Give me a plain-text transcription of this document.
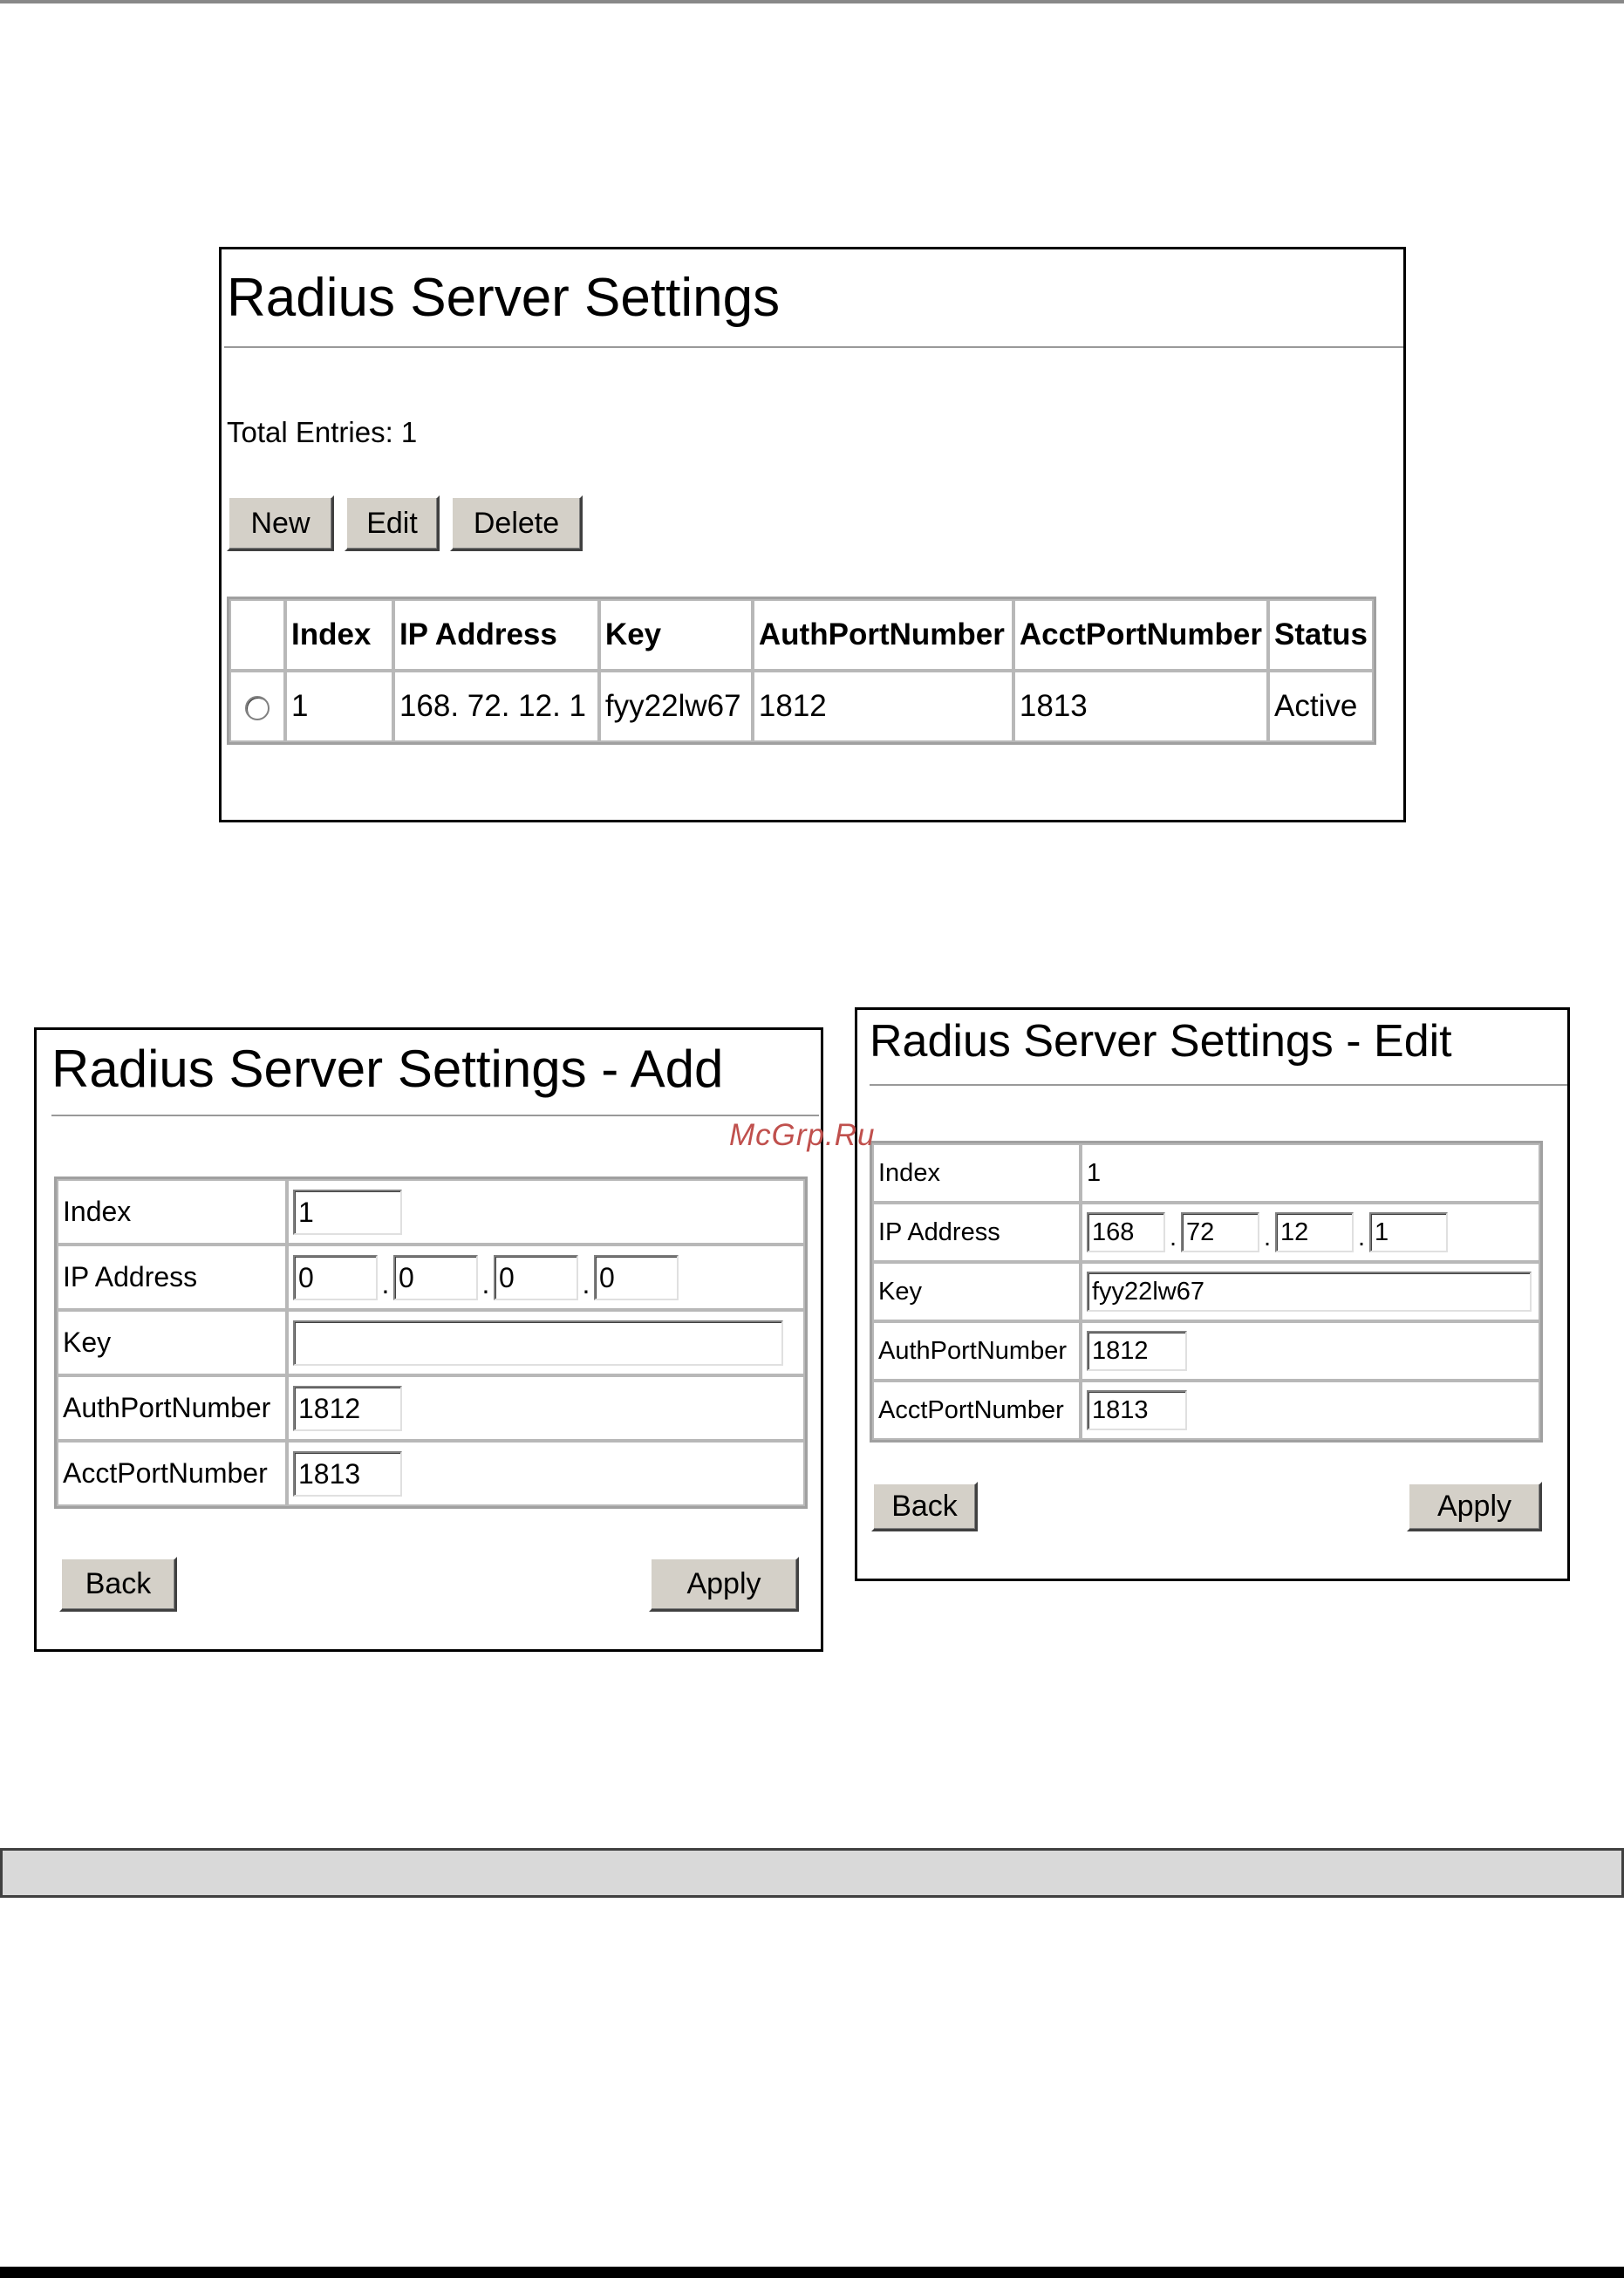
Radius Server Settings
Total Entries: 1
New	Edit	Delete
	Index	IP Address	Key	AuthPortNumber	AcctPortNumber	Status
	1	168. 72. 12. 1	fyy22lw67	1812	1813	Active
Radius Server Settings - Add
Index	1
IP Address	0 . 0 . 0 . 0
Key	
AuthPortNumber	1812
AcctPortNumber	1813
Back	Apply
Radius Server Settings - Edit
Index	1
IP Address	168 . 72 . 12 . 1
Key	fyy22lw67
AuthPortNumber	1812
AcctPortNumber	1813
Back	Apply
McGrp.Ru
